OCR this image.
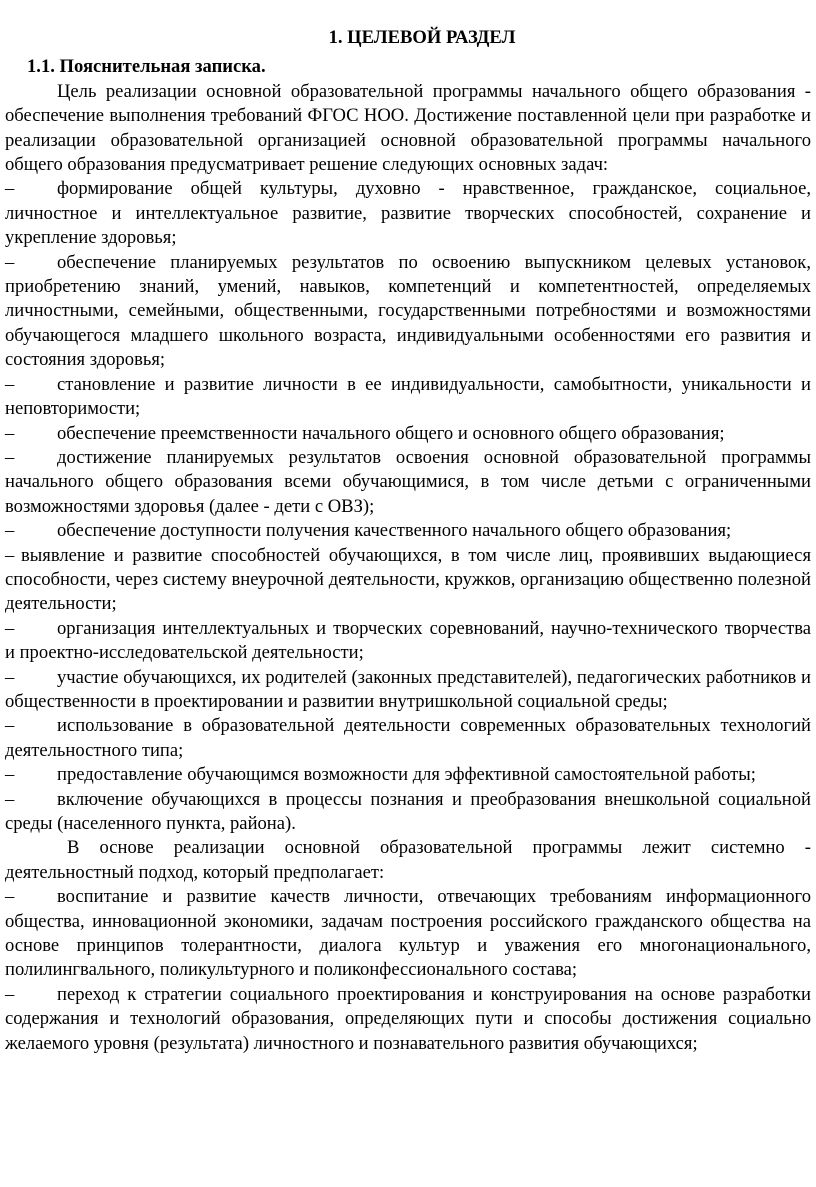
1. ЦЕЛЕВОЙ РАЗДЕЛ
1.1. Пояснительная записка.

Цель реализации основной образовательной программы начального общего образования - обеспечение выполнения требований ФГОС НОО. Достижение поставленной цели при разработке и реализации образовательной организацией основной образовательной программы начального общего образования предусматривает решение следующих основных задач:

– формирование общей культуры, духовно - нравственное, гражданское, социальное, личностное и интеллектуальное развитие, развитие творческих способностей, сохранение и укрепление здоровья;

– обеспечение планируемых результатов по освоению выпускником целевых установок, приобретению знаний, умений, навыков, компетенций и компетентностей, определяемых личностными, семейными, общественными, государственными потребностями и возможностями обучающегося младшего школьного возраста, индивидуальными особенностями его развития и состояния здоровья;

– становление и развитие личности в ее индивидуальности, самобытности, уникальности и неповторимости;

– обеспечение преемственности начального общего и основного общего образования;

– достижение планируемых результатов освоения основной образовательной программы начального общего образования всеми обучающимися, в том числе детьми с ограниченными возможностями здоровья (далее - дети с ОВЗ);

– обеспечение доступности получения качественного начального общего образования;

– выявление и развитие способностей обучающихся, в том числе лиц, проявивших выдающиеся способности, через систему внеурочной деятельности, кружков, организацию общественно полезной деятельности;

– организация интеллектуальных и творческих соревнований, научно-технического творчества и проектно-исследовательской деятельности;

– участие обучающихся, их родителей (законных представителей), педагогических работников и общественности в проектировании и развитии внутришкольной социальной среды;

– использование в образовательной деятельности современных образовательных технологий деятельностного типа;

– предоставление обучающимся возможности для эффективной самостоятельной работы;

– включение обучающихся в процессы познания и преобразования внешкольной социальной среды (населенного пункта, района).

В основе реализации основной образовательной программы лежит системно - деятельностный подход, который предполагает:

– воспитание и развитие качеств личности, отвечающих требованиям информационного общества, инновационной экономики, задачам построения российского гражданского общества на основе принципов толерантности, диалога культур и уважения его многонационального, полилингвального, поликультурного и поликонфессионального состава;

– переход к стратегии социального проектирования и конструирования на основе разработки содержания и технологий образования, определяющих пути и способы достижения социально желаемого уровня (результата) личностного и познавательного развития обучающихся;
